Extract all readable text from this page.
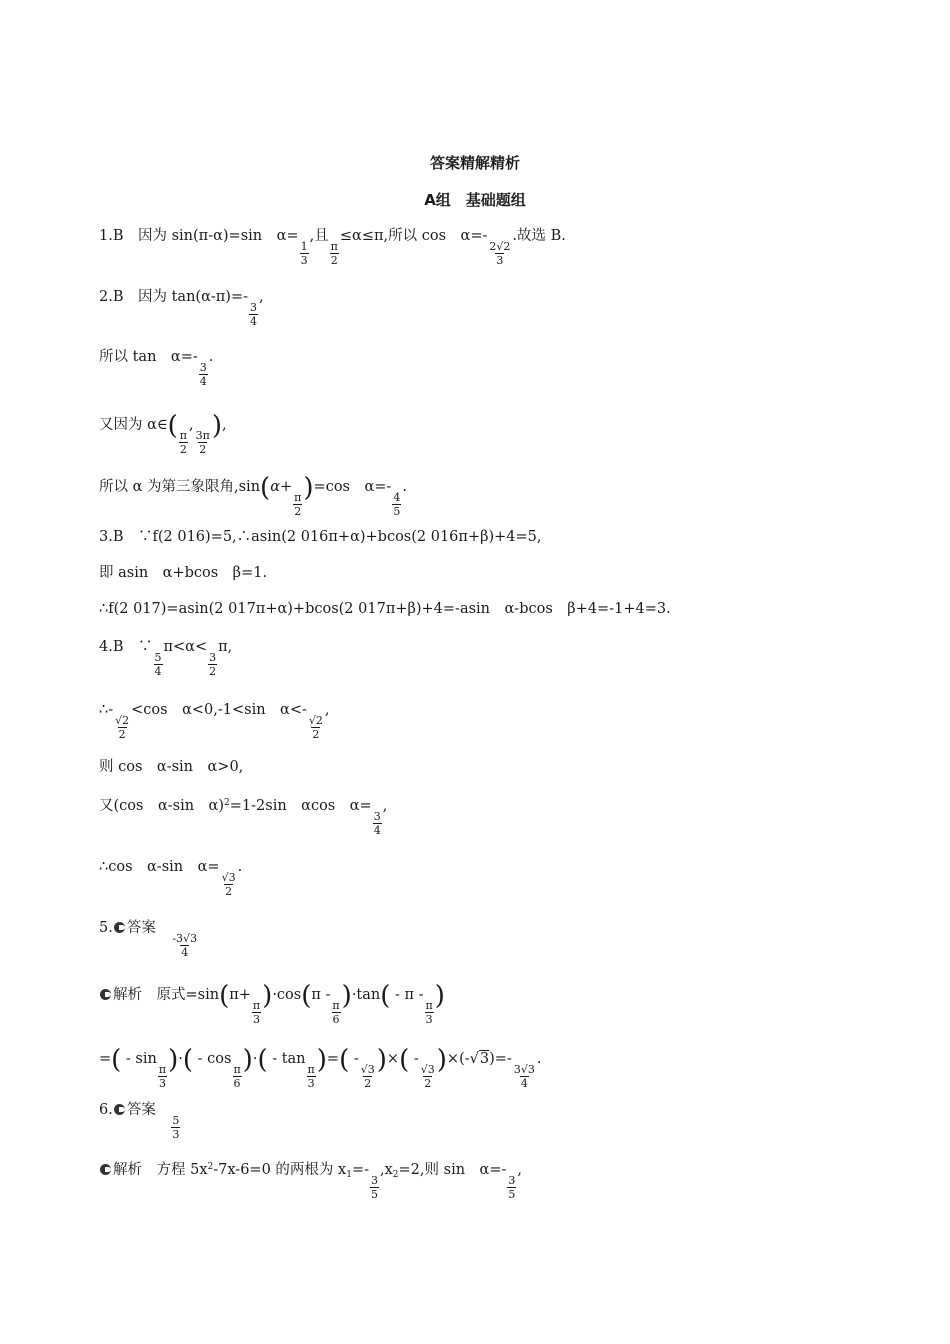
答案精解精析
A组　基础题组
1.B　因为 sin(π-α)=sin　α=
$\frac{1}{3}$
,且
$\frac{\pi}{2}$
≤α≤π,所以 cos　α=-
$\frac{2√2}{3}$
.故选 B.
2.B　因为 tan(α-π)=-
$\frac{3}{4}$
,
所以 tan　α=-
$\frac{3}{4}$
.
又因为 α∈(
$\frac{\pi}{2}$
,
$\frac{3\pi}{2}$
),
所以 α 为第三象限角,sin(α+
$\frac{\pi}{2}$
)=cos　α=-
$\frac{4}{5}$
.
3.B　∵f(2 016)=5,∴asin(2 016π+α)+bcos(2 016π+β)+4=5,
即 asin　α+bcos　β=1.
∴f(2 017)=asin(2 017π+α)+bcos(2 017π+β)+4=-asin　α-bcos　β+4=-1+4=3.
4.B　∵
$\frac{5}{4}$
π<α<
$\frac{3}{2}$
π,
∴-
$\frac{√2}{2}$
<cos　α<0,-1<sin　α<-
$\frac{√2}{2}$
,
则 cos　α-sin　α>0,
又(cos　α-sin　α)$^2$=1-2sin　αcos　α=
$\frac{3}{4}$
,
∴cos　α-sin　α=
$\frac{√3}{2}$
.
5. 答案　
$\frac{-3√3}{4}$
解析　原式=sin(π+
$\frac{\pi}{3}$
)·cos(π -
$\frac{\pi}{6}$
)·tan( - π -
$\frac{\pi}{3}$
)
=( - sin
$\frac{\pi}{3}$
)·( - cos
$\frac{\pi}{6}$
)·( - tan
$\frac{\pi}{3}$
)=( -
$\frac{√3}{2}$
)×( -
$\frac{√3}{2}$
)×(-√3)=-
$\frac{3√3}{4}$
.
6. 答案　
$\frac{5}{3}$
解析　方程 $5x^2-7x-6=0$ 的两根为 $x_1=-$
$\frac{3}{5}$
$,x_2=2$,则 sin　α=-
$\frac{3}{5}$
,
